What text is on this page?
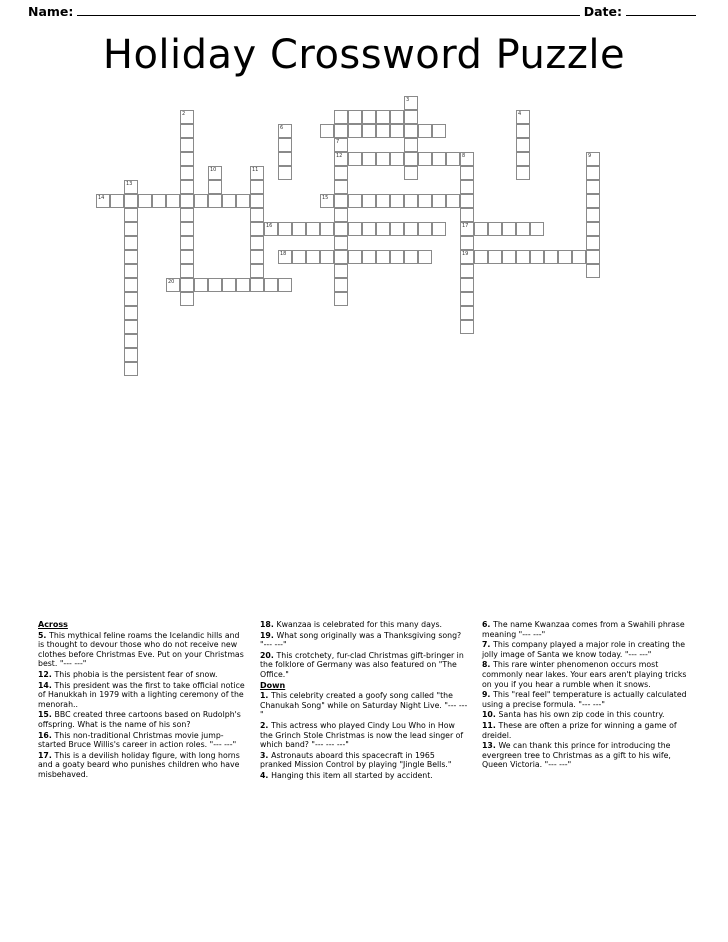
Name:	Date:
Holiday Crossword Puzzle
3
2	4
6
7
12	8
17
19
9
10	11
13
14	15
16
18
20
Across

5. This mythical feline roams the Icelandic hills and is thought to devour those who do not receive new clothes before Christmas Eve. Put on your Christmas best. "--- ---"

12. This phobia is the persistent fear of snow.

14. This president was the first to take official notice of Hanukkah in 1979 with a lighting ceremony of the menorah..

15. BBC created three cartoons based on Rudolph's offspring. What is the name of his son?

16. This non-traditional Christmas movie jump-started Bruce Willis's career in action roles. "--- ---"

17. This is a devilish holiday figure, with long horns and a goaty beard who punishes children who have misbehaved.

18. Kwanzaa is celebrated for this many days.

19. What song originally was a Thanksgiving song? "--- ---"

20. This crotchety, fur-clad Christmas gift-bringer in the folklore of Germany was also featured on "The Office."

Down

1. This celebrity created a goofy song called "the Chanukah Song" while on Saturday Night Live. "--- ---"

2. This actress who played Cindy Lou Who in How the Grinch Stole Christmas is now the lead singer of which band? "--- --- ---"

3. Astronauts aboard this spacecraft in 1965 pranked Mission Control by playing "Jingle Bells."

4. Hanging this item all started by accident.

6. The name Kwanzaa comes from a Swahili phrase meaning "--- ---"

7. This company played a major role in creating the jolly image of Santa we know today. "--- ---"

8. This rare winter phenomenon occurs most commonly near lakes. Your ears aren't playing tricks on you if you hear a rumble when it snows.

9. This "real feel" temperature is actually calculated using a precise formula. "--- ---"

10. Santa has his own zip code in this country.

11. These are often a prize for winning a game of dreidel.

13. We can thank this prince for introducing the evergreen tree to Christmas as a gift to his wife, Queen Victoria. "--- ---"
